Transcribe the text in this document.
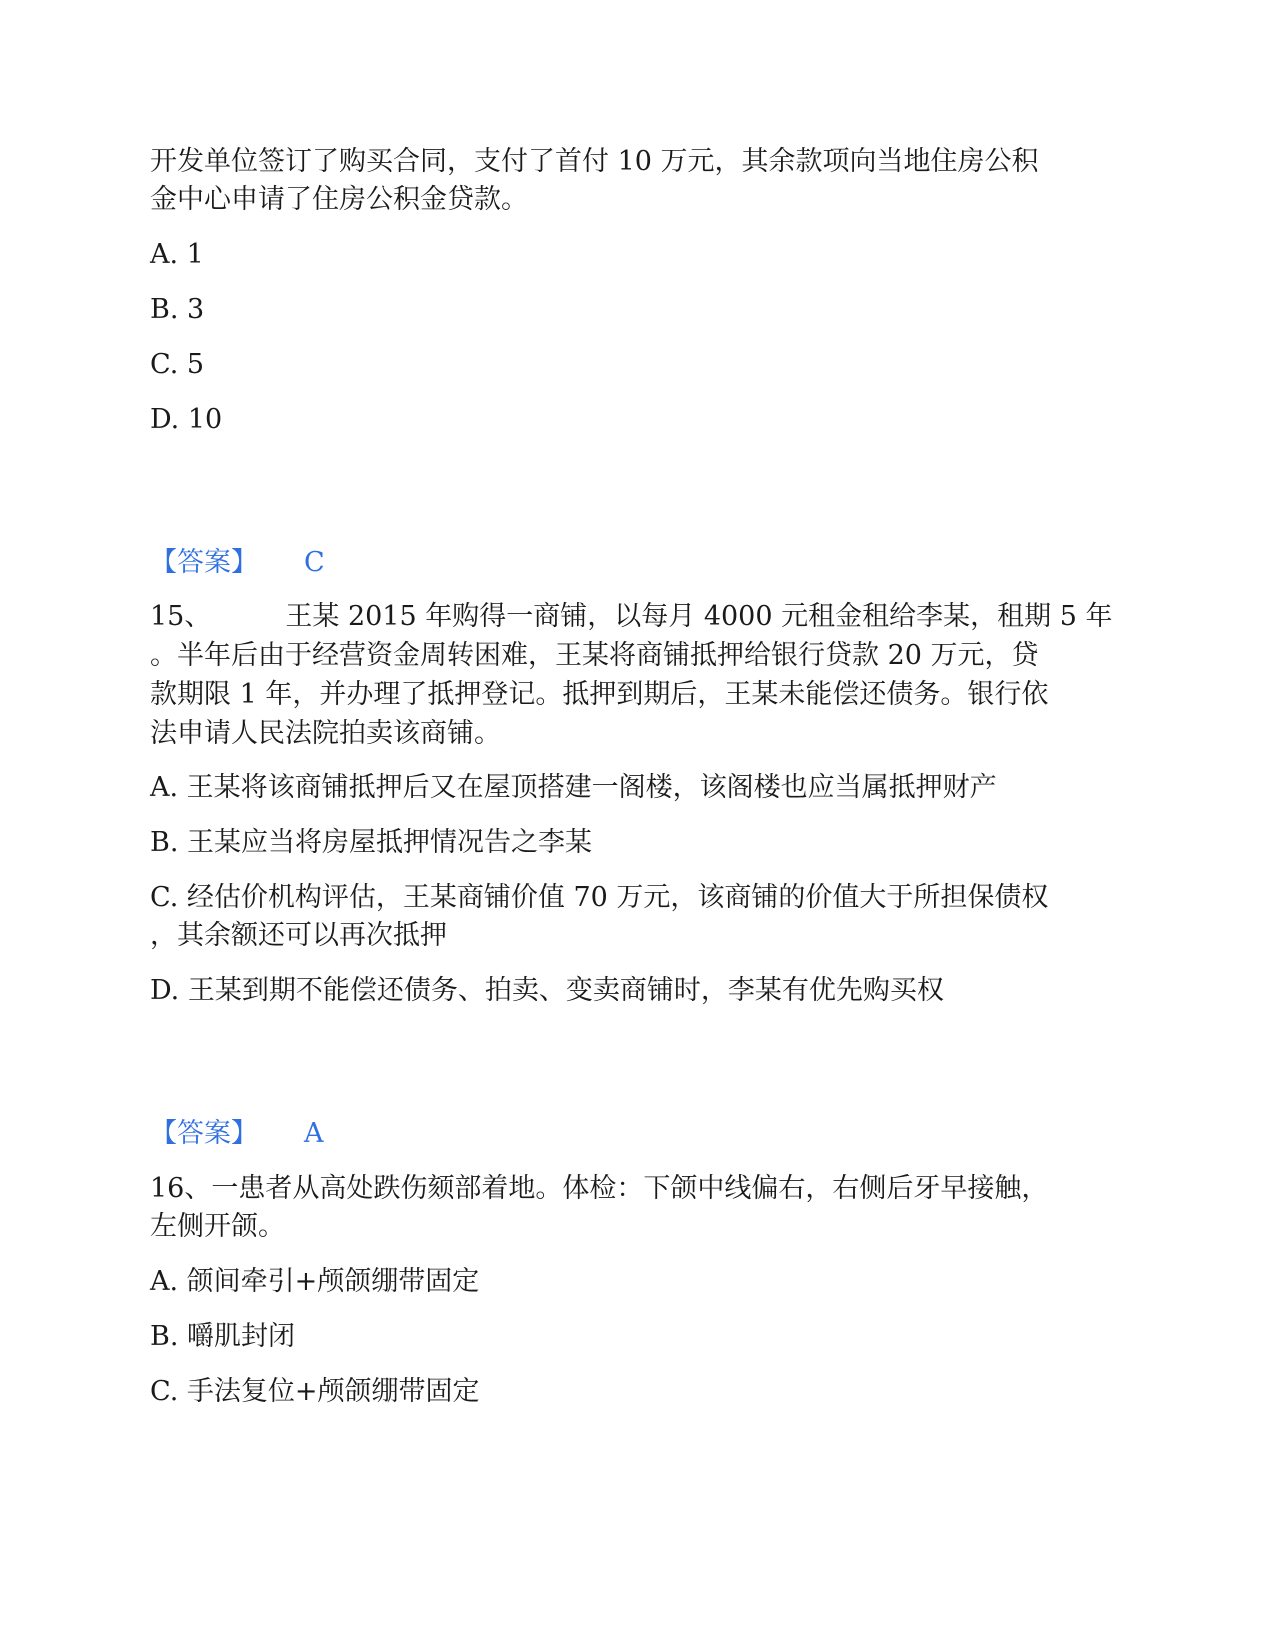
开发单位签订了购买合同，支付了首付 10 万元，其余款项向当地住房公积
金中心申请了住房公积金贷款。
A. 1
B. 3
C. 5
D. 10
【答案】 C
15、	王某 2015 年购得一商铺，以每月 4000 元租金租给李某，租期 5 年
。半年后由于经营资金周转困难，王某将商铺抵押给银行贷款 20 万元，贷
款期限 1 年，并办理了抵押登记。抵押到期后，王某未能偿还债务。银行依
法申请人民法院拍卖该商铺。
A. 王某将该商铺抵押后又在屋顶搭建一阁楼，该阁楼也应当属抵押财产
B. 王某应当将房屋抵押情况告之李某
C. 经估价机构评估，王某商铺价值 70 万元，该商铺的价值大于所担保债权
，其余额还可以再次抵押
D. 王某到期不能偿还债务、拍卖、变卖商铺时，李某有优先购买权
【答案】 A
16、一患者从高处跌伤颏部着地。体检：下颌中线偏右，右侧后牙早接触，
左侧开颌。
A. 颌间牵引+颅颌绷带固定
B. 嚼肌封闭
C. 手法复位+颅颌绷带固定
